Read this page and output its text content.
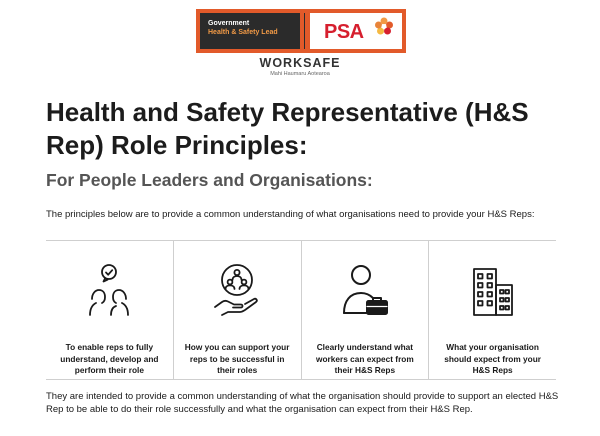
Government
Health & Safety Lead	PSA
WORKSAFE
Mahi Haumaru Aotearoa
Health and Safety Representative (H&S Rep) Role Principles:
For People Leaders and Organisations:

The principles below are to provide a common understanding of what organisations need to provide your H&S Reps:

To enable reps to fully understand, develop and perform their role
How you can support your reps to be successful in their roles
Clearly understand what workers can expect from their H&S Reps
What your organisation should expect from your H&S Reps

They are intended to provide a common understanding of what the organisation should provide to support an elected H&S Rep to be able to do their role successfully and what the organisation can expect from their H&S Rep.
